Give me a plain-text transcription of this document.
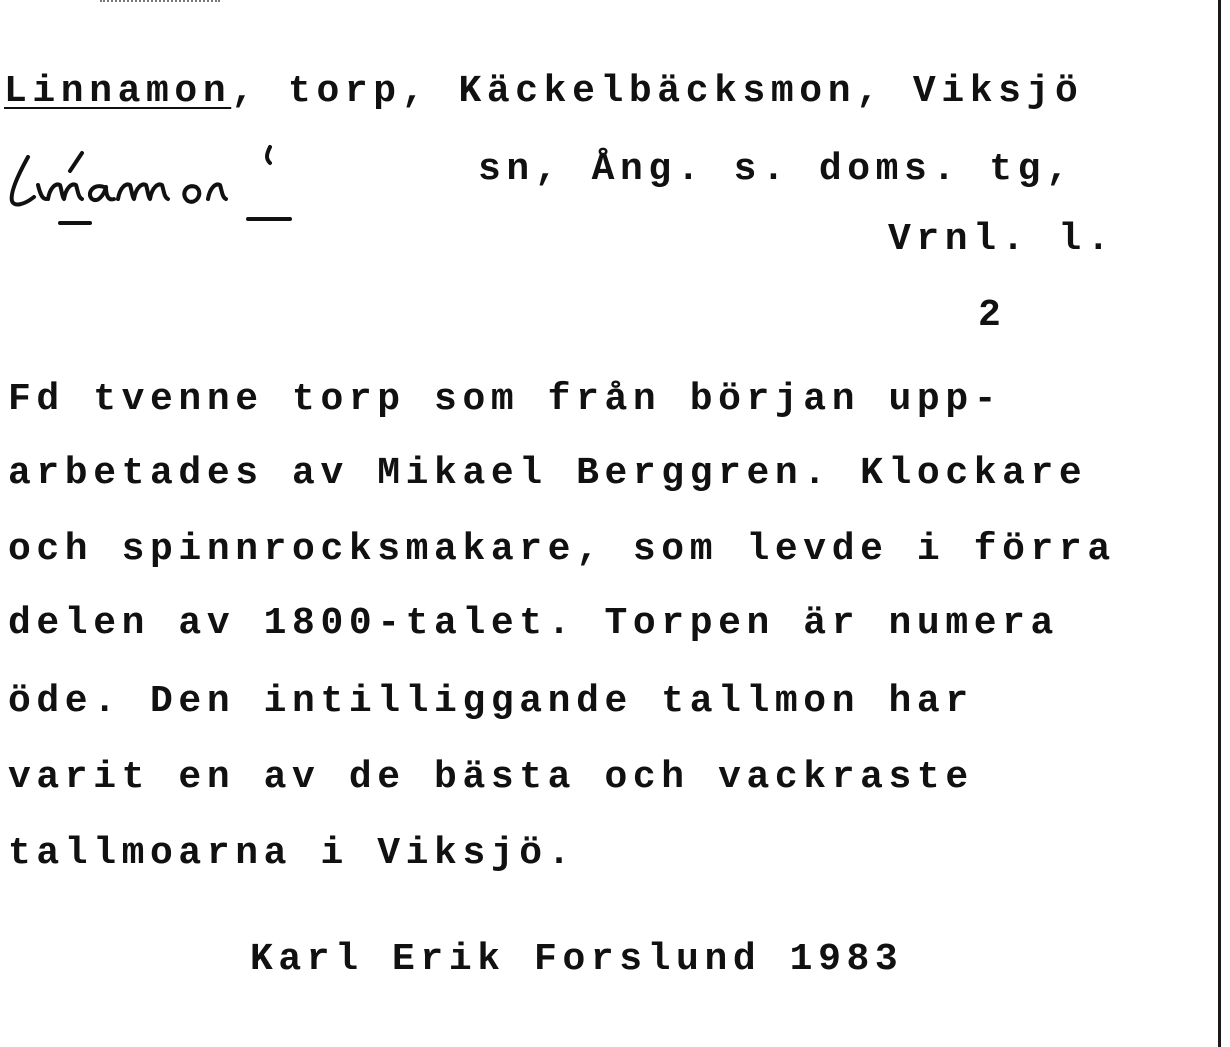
Linnamon, torp, Käckelbäcksmon, Viksjö
sn, Ång. s. doms. tg,
Vrnl. l.
2
Fd tvenne torp som från början upp-
arbetades av Mikael Berggren. Klockare
och spinnrocksmakare, som levde i förra
delen av 1800-talet. Torpen är numera
öde. Den intilliggande tallmon har
varit en av de bästa och vackraste
tallmoarna i Viksjö.
Karl Erik Forslund 1983
